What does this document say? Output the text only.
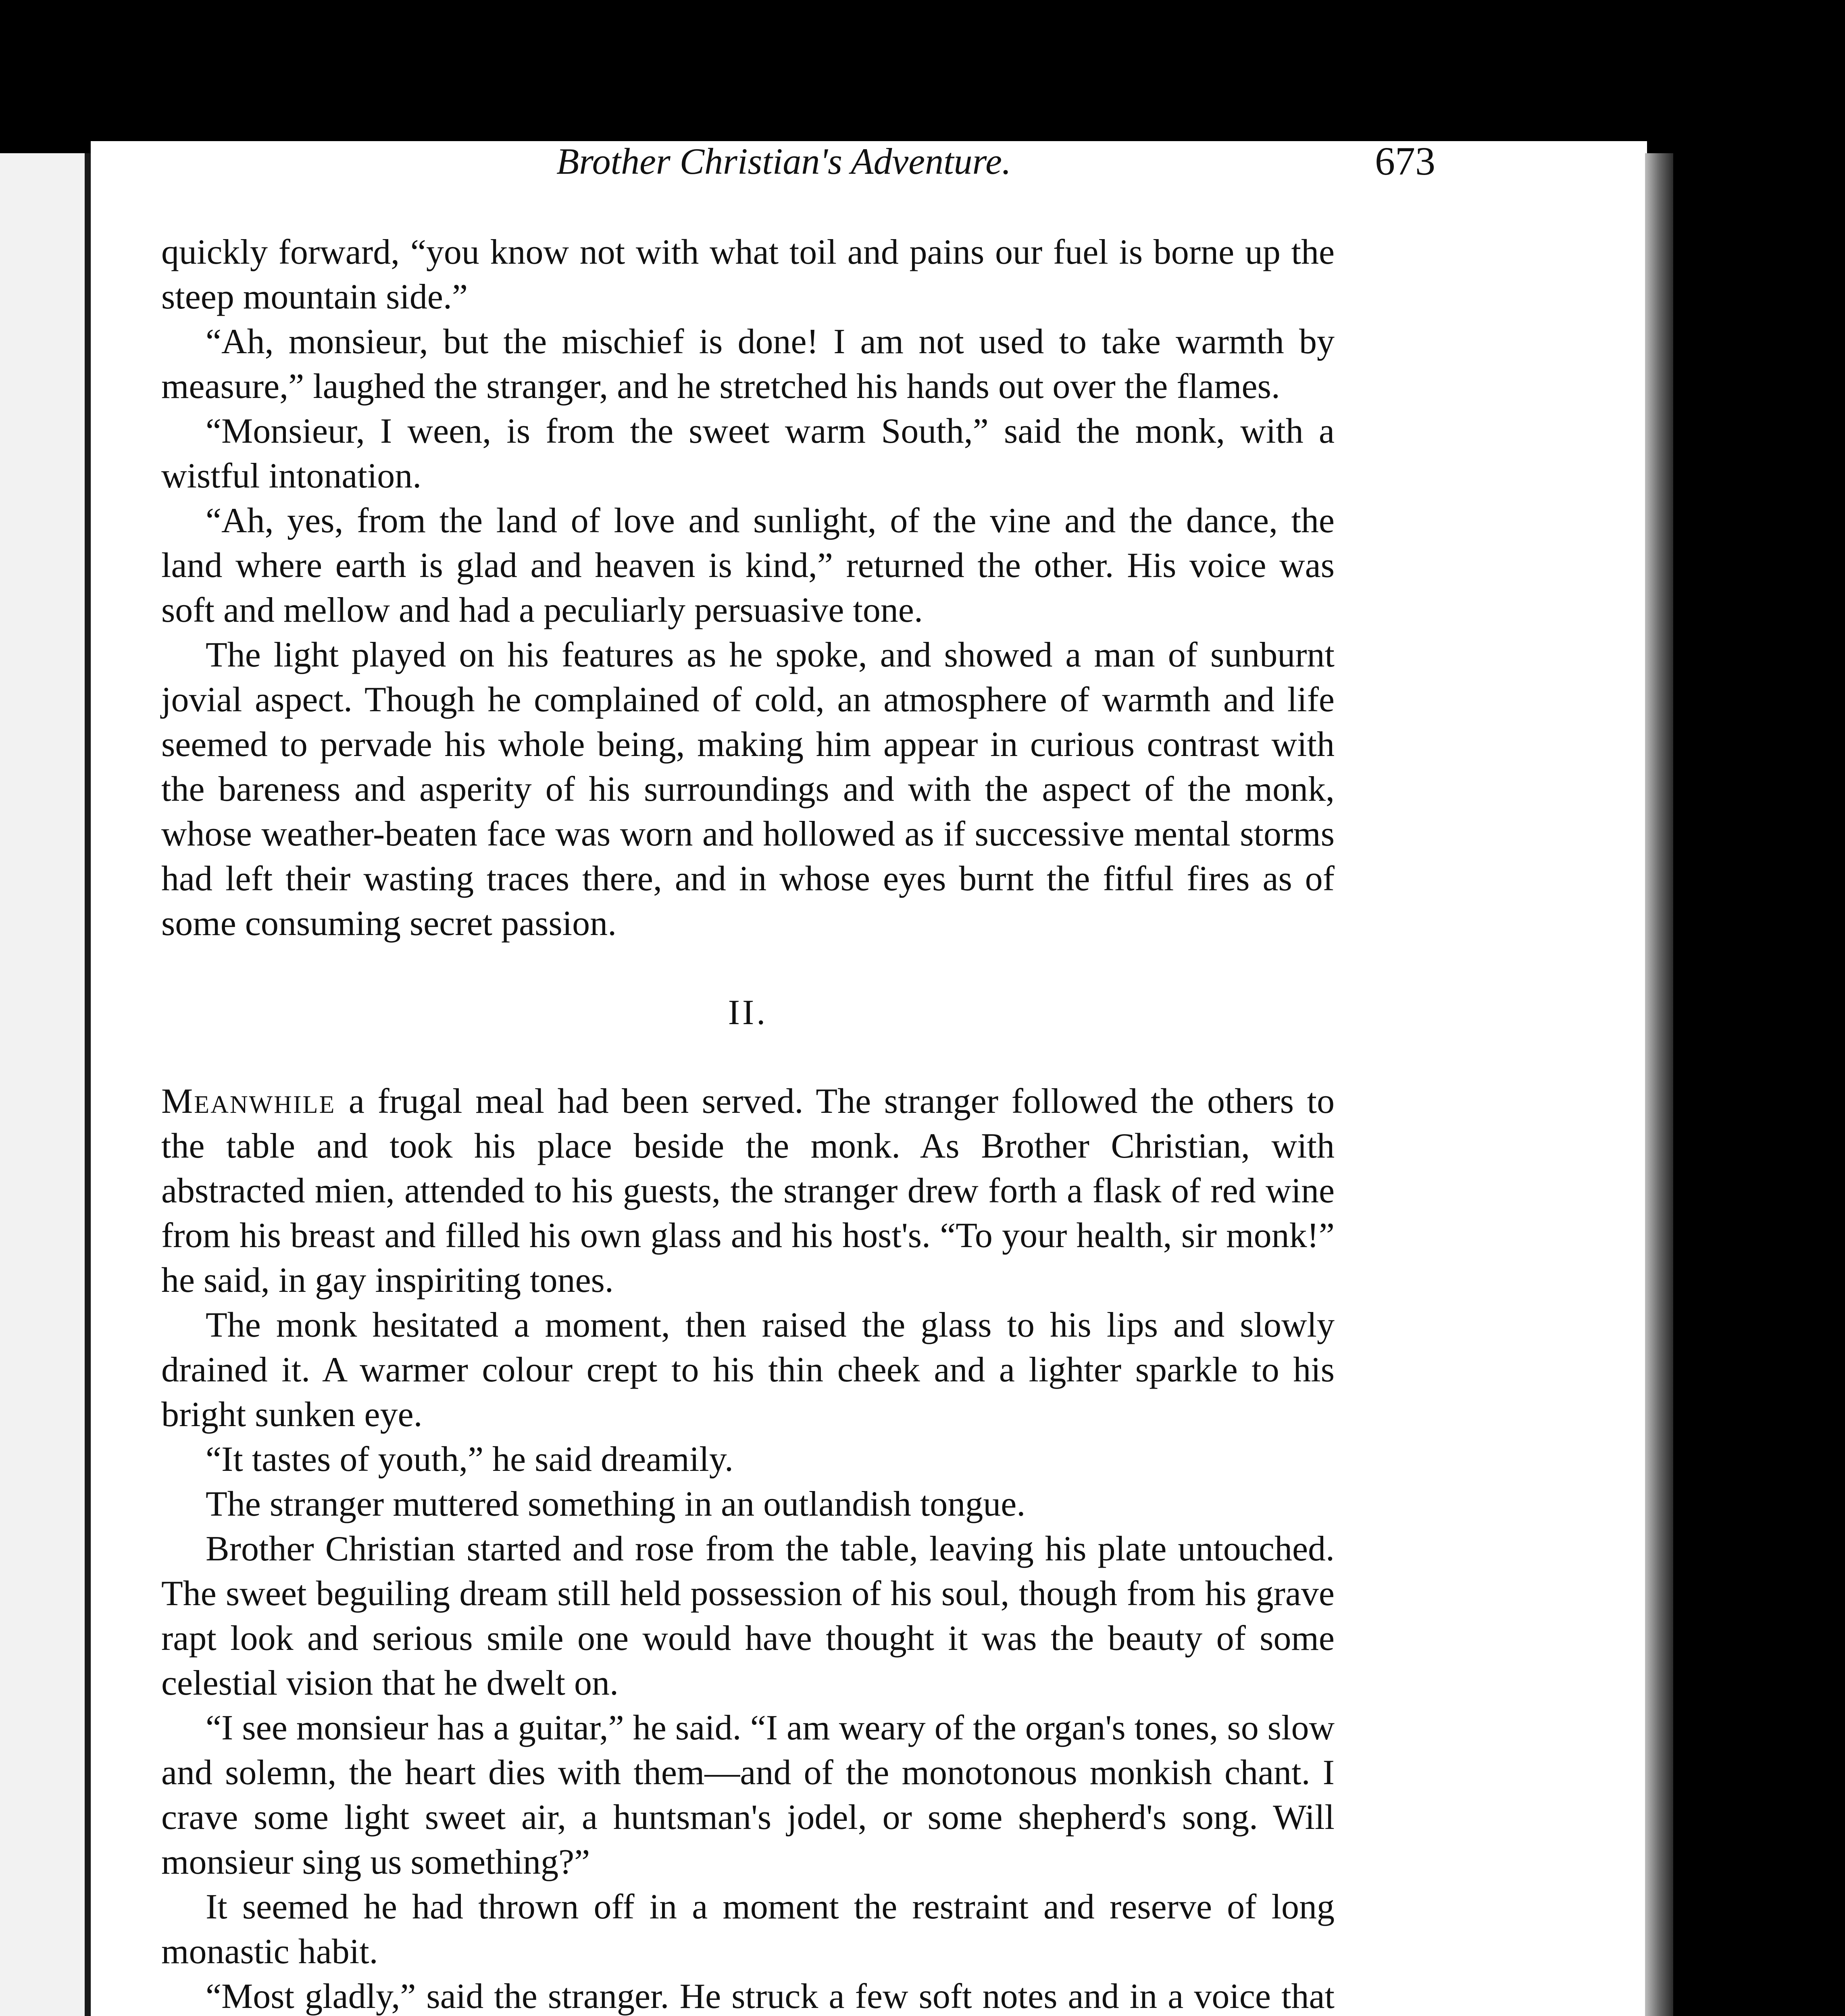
Brother Christian's Adventure.	673

quickly forward, “you know not with what toil and pains our fuel is borne up the steep mountain side.”

“Ah, monsieur, but the mischief is done! I am not used to take warmth by measure,” laughed the stranger, and he stretched his hands out over the flames.

“Monsieur, I ween, is from the sweet warm South,” said the monk, with a wistful intonation.

“Ah, yes, from the land of love and sunlight, of the vine and the dance, the land where earth is glad and heaven is kind,” returned the other. His voice was soft and mellow and had a peculiarly persuasive tone.

The light played on his features as he spoke, and showed a man of sunburnt jovial aspect. Though he complained of cold, an atmosphere of warmth and life seemed to pervade his whole being, making him appear in curious contrast with the bareness and asperity of his surroundings and with the aspect of the monk, whose weather-beaten face was worn and hollowed as if successive mental storms had left their wasting traces there, and in whose eyes burnt the fitful fires as of some consuming secret passion.

II.

Meanwhile a frugal meal had been served. The stranger followed the others to the table and took his place beside the monk. As Brother Christian, with abstracted mien, attended to his guests, the stranger drew forth a flask of red wine from his breast and filled his own glass and his host's. “To your health, sir monk!” he said, in gay inspiriting tones.

The monk hesitated a moment, then raised the glass to his lips and slowly drained it. A warmer colour crept to his thin cheek and a lighter sparkle to his bright sunken eye.

“It tastes of youth,” he said dreamily.

The stranger muttered something in an outlandish tongue.

Brother Christian started and rose from the table, leaving his plate untouched. The sweet beguiling dream still held possession of his soul, though from his grave rapt look and serious smile one would have thought it was the beauty of some celestial vision that he dwelt on.

“I see monsieur has a guitar,” he said. “I am weary of the organ's tones, so slow and solemn, the heart dies with them—and of the monotonous monkish chant. I crave some light sweet air, a huntsman's jodel, or some shepherd's song. Will monsieur sing us something?”

It seemed he had thrown off in a moment the restraint and reserve of long monastic habit.

“Most gladly,” said the stranger. He struck a few soft notes and in a voice that
